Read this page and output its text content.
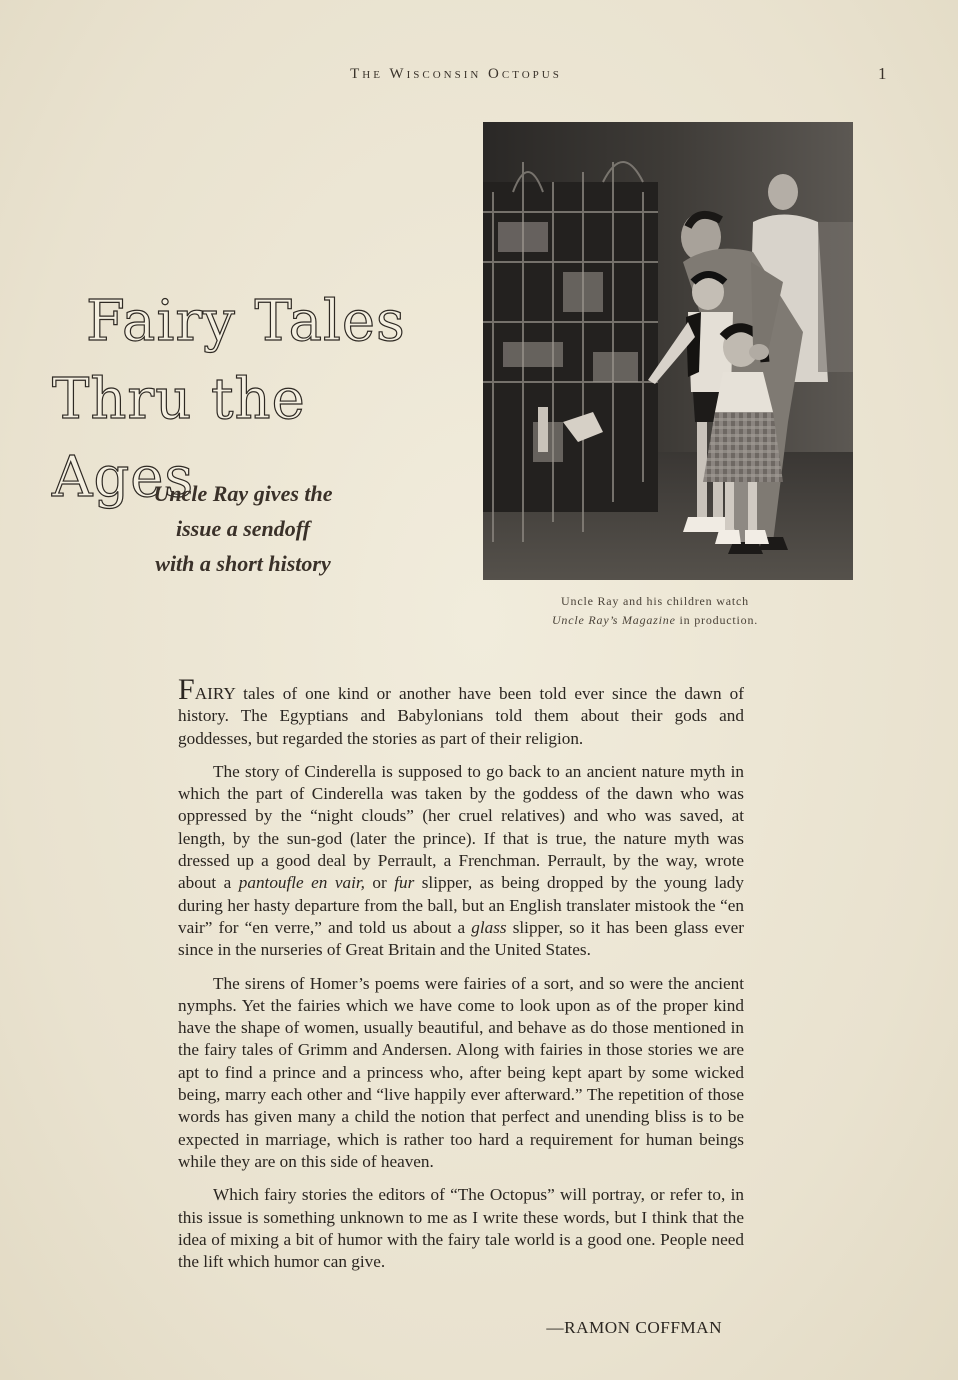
The Wisconsin Octopus	1
Fairy Tales
Thru the Ages
Uncle Ray gives the
issue a sendoff
with a short history
Uncle Ray and his children watch
Uncle Ray’s Magazine in production.

FAIRY tales of one kind or another have been told ever since the dawn of history. The Egyptians and Babylonians told them about their gods and goddesses, but regarded the stories as part of their religion.

The story of Cinderella is supposed to go back to an ancient nature myth in which the part of Cinderella was taken by the goddess of the dawn who was oppressed by the “night clouds” (her cruel relatives) and who was saved, at length, by the sun-god (later the prince). If that is true, the nature myth was dressed up a good deal by Perrault, a Frenchman. Perrault, by the way, wrote about a pantoufle en vair, or fur slipper, as being dropped by the young lady during her hasty departure from the ball, but an English translater mistook the “en vair” for “en verre,” and told us about a glass slipper, so it has been glass ever since in the nurseries of Great Britain and the United States.

The sirens of Homer’s poems were fairies of a sort, and so were the ancient nymphs. Yet the fairies which we have come to look upon as of the proper kind have the shape of women, usually beautiful, and behave as do those mentioned in the fairy tales of Grimm and Andersen. Along with fairies in those stories we are apt to find a prince and a princess who, after being kept apart by some wicked being, marry each other and “live happily ever afterward.” The repetition of those words has given many a child the notion that perfect and unending bliss is to be expected in marriage, which is rather too hard a requirement for human beings while they are on this side of heaven.

Which fairy stories the editors of “The Octopus” will portray, or refer to, in this issue is something unknown to me as I write these words, but I think that the idea of mixing a bit of humor with the fairy tale world is a good one. People need the lift which humor can give.

—RAMON COFFMAN
